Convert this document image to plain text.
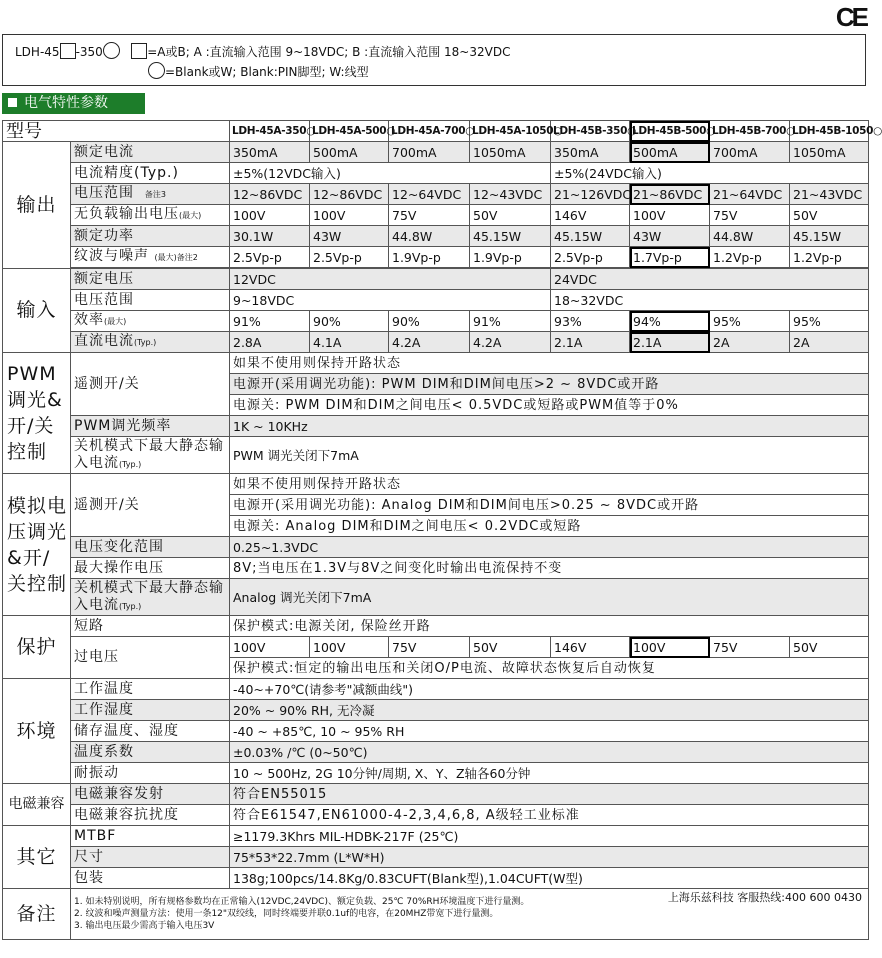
CE
LDH-45 -350	=A或B; A :直流输入范围 9~18VDC; B :直流输入范围 18~32VDC
=Blank或W; Blank:PIN脚型; W:线型
电气特性参数
型号		LDH-45A-350○	LDH-45A-500○	LDH-45A-700○	LDH-45A-1050○	LDH-45B-350○	LDH-45B-500○	LDH-45B-700○	LDH-45B-1050○
输出	额定电流	350mA	500mA	700mA	1050mA	350mA	500mA	700mA	1050mA
	电流精度(Typ.)	±5%(12VDC输入)				±5%(24VDC输入)			
	电压范围 备注3	12~86VDC	12~86VDC	12~64VDC	12~43VDC	21~126VDC	21~86VDC	21~64VDC	21~43VDC
	无负载输出电压(最大)	100V	100V	75V	50V	146V	100V	75V	50V
	额定功率	30.1W	43W	44.8W	45.15W	45.15W	43W	44.8W	45.15W
	纹波与噪声 (最大)备注2	2.5Vp-p	2.5Vp-p	1.9Vp-p	1.9Vp-p	2.5Vp-p	1.7Vp-p	1.2Vp-p	1.2Vp-p

输入	额定电压	12VDC				24VDC			
	电压范围	9~18VDC				18~32VDC			
	效率(最大)	91%	90%	90%	91%	93%	94%	95%	95%
	直流电流(Typ.)	2.8A	4.1A	4.2A	4.2A	2.1A	2.1A	2A	2A
PWM调光&开/关控制	遥测开/关	如果不使用则保持开路状态							
		电源开(采用调光功能): PWM DIM和DIM间电压>2 ~ 8VDC或开路							
		电源关: PWM DIM和DIM之间电压< 0.5VDC或短路或PWM值等于0%							
	PWM调光频率	1K ~ 10KHz							
	关机模式下最大静态输入电流(Typ.)	PWM 调光关闭下7mA							
模拟电压调光&开/关控制	遥测开/关	如果不使用则保持开路状态							
		电源开(采用调光功能): Analog DIM和DIM间电压>0.25 ~ 8VDC或开路							
		电源关: Analog DIM和DIM之间电压< 0.2VDC或短路							
	电压变化范围	0.25~1.3VDC							
	最大操作电压	8V;当电压在1.3V与8V之间变化时输出电流保持不变							
	关机模式下最大静态输入电流(Typ.)	Analog 调光关闭下7mA							
保护	短路	保护模式:电源关闭, 保险丝开路							
	过电压	100V	100V	75V	50V	146V	100V	75V	50V
		保护模式:恒定的输出电压和关闭O/P电流、故障状态恢复后自动恢复							
环境	工作温度	-40~+70℃(请参考"减额曲线")							
	工作湿度	20% ~ 90% RH, 无冷凝							
	储存温度、湿度	-40 ~ +85℃, 10 ~ 95% RH							
	温度系数	±0.03% /℃ (0~50℃)							
	耐振动	10 ~ 500Hz, 2G 10分钟/周期, X、Y、Z轴各60分钟							
电磁兼容	电磁兼容发射	符合EN55015							
	电磁兼容抗扰度	符合E61547,EN61000-4-2,3,4,6,8, A级轻工业标准							
其它	MTBF	≥1179.3Khrs MIL-HDBK-217F (25℃)							
	尺寸	75*53*22.7mm (L*W*H)							
	包装	138g;100pcs/14.8Kg/0.83CUFT(Blank型),1.04CUFT(W型)							
备注	上海乐兹科技 客服热线:400 600 0430
1. 如未特别说明，所有规格参数均在正常输入(12VDC,24VDC)、额定负载、25℃ 70%RH环境温度下进行量测。
2. 纹波和噪声测量方法：使用一条12"双绞线，同时终端要并联0.1uf的电容，在20MHZ带宽下进行量测。
3. 输出电压最少需高于输入电压3V								
